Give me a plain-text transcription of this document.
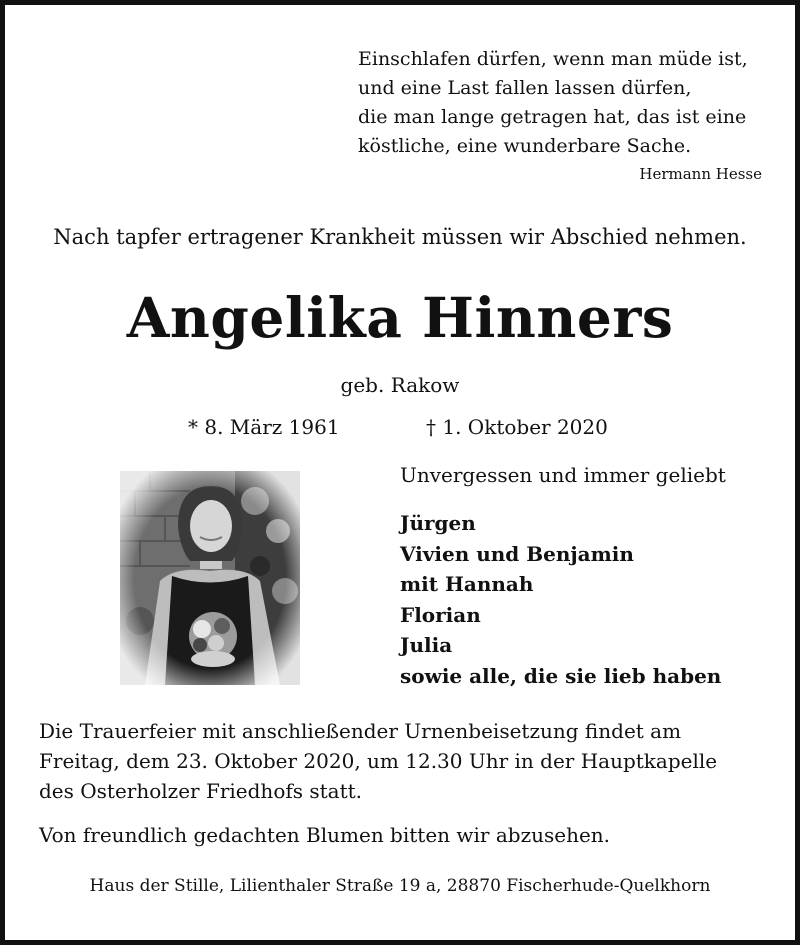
Einschlafen dürfen, wenn man müde ist,
und eine Last fallen lassen dürfen,
die man lange getragen hat, das ist eine
köstliche, eine wunderbare Sache.
Hermann Hesse
Nach tapfer ertragener Krankheit müssen wir Abschied nehmen.
Angelika Hinners
geb. Rakow
* 8. März 1961	† 1. Oktober 2020
Unvergessen und immer geliebt
Jürgen
Vivien und Benjamin
mit Hannah
Florian
Julia
sowie alle, die sie lieb haben
Die Trauerfeier mit anschließender Urnenbeisetzung findet am
Freitag, dem 23. Oktober 2020, um 12.30 Uhr in der Hauptkapelle
des Osterholzer Friedhofs statt.
Von freundlich gedachten Blumen bitten wir abzusehen.
Haus der Stille, Lilienthaler Straße 19 a, 28870 Fischerhude-Quelkhorn
